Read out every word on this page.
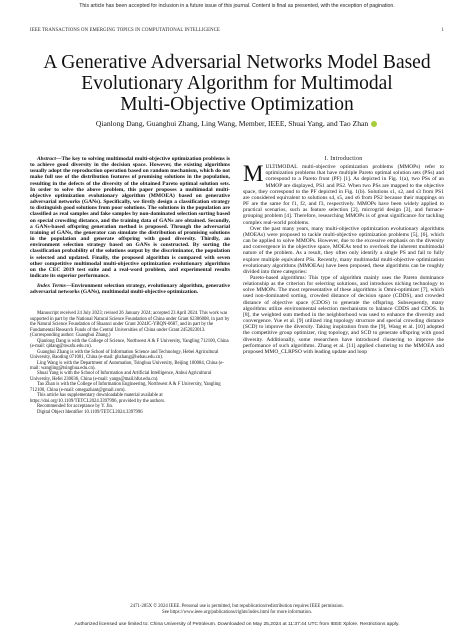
This article has been accepted for inclusion in a future issue of this journal. Content is final as presented, with the exception of pagination.
IEEE TRANSACTIONS ON EMERGING TOPICS IN COMPUTATIONAL INTELLIGENCE	1
A Generative Adversarial Networks Model Based
Evolutionary Algorithm for Multimodal
Multi-Objective Optimization
Qianlong Dang, Guanghui Zhang, Ling Wang, Member, IEEE, Shuai Yang, and Tao Zhan
Abstract—The key to solving multimodal multi-objective optimization problems is to achieve good diversity in the decision space. However, the existing algorithms usually adopt the reproduction operation based on random mechanism, which do not make full use of the distribution features of promising solutions in the population, resulting in the defects of the diversity of the obtained Pareto optimal solution sets. In order to solve the above problem, this paper proposes a multimodal multi-objective optimization evolutionary algorithm (MMOEA) based on generative adversarial networks (GANs). Specifically, we firstly design a classification strategy to distinguish good solutions from poor solutions. The solutions in the population are classified as real samples and fake samples by non-dominated selection sorting based on special crowding distance, and the training data of GANs are obtained. Secondly, a GANs-based offspring generation method is proposed. Through the adversarial training of GANs, the generator can simulate the distribution of promising solutions in the population and generate offspring with good diversity. Thirdly, an environment selection strategy based on GANs is constructed. By sorting the classification probability of the solutions output by the discriminator, the population is selected and updated. Finally, the proposed algorithm is compared with seven other competitive multimodal multi-objective optimization evolutionary algorithms on the CEC 2019 test suite and a real-word problem, and experimental results indicate its superior performance.
Index Terms—Environment selection strategy, evolutionary algorithm, generative adversarial networks (GANs), multimodal multi-objective optimization.

Manuscript received 24 July 2023; revised 26 January 2024; accepted 23 April 2024. This work was supported in part by the National Natural Science Foundation of China under Grant 62306008, in part by the Natural Science Foundation of Shaanxi under Grant 2024JC-YBQN-0687, and in part by the Fundamental Research Funds of the Central Universities of China under Grant 2452023013. (Corresponding author: Guanghui Zhang.)

Qianlong Dang is with the College of Science, Northwest A & F University, Yangling 712100, China (e-mail: qldang@nwafu.edu.cn).

Guanghui Zhang is with the School of Information Science and Technology, Hebei Agricultural University, Baoding 071001, China (e-mail: ghzhang@hebau.edu.cn).

Ling Wang is with the Department of Automation, Tsinghua University, Beijing 100084, China (e-mail: wangling@tsinghua.edu.cn).

Shuai Yang is with the School of Information and Artificial Intelligence, Anhui Agricultural University, Hefei 230036, China (e-mail: yangs@mail.hfut.edu.cn).

Tao Zhan is with the College of Information Engineering, Northwest A & F University, Yangling 712100, China (e-mail: omegazhant@gmail.com).

This article has supplementary downloadable material available at https://doi.org/10.1109/TETCI.2024.3397996, provided by the authors.

Recommended for acceptance by Y. Jin.

Digital Object Identifier 10.1109/TETCI.2024.3397996

I. Introduction

MULTIMODAL multi-objective optimization problems (MMOPs) refer to optimization problems that have multiple Pareto optimal solution sets (PSs) and correspond to a Pareto front (PF) [1]. As depicted in Fig. 1(a), two PSs of an MMOP are displayed, PS1 and PS2. When two PSs are mapped to the objective space, they correspond to the PF depicted in Fig. 1(b). Solutions s1, s2, and s3 from PS1 are considered equivalent to solutions s4, s5, and s6 from PS2 because their mappings on PF are the same for f1, f2, and f3, respectively. MMOPs have been widely applied to practical scenarios, such as feature selection [2], microgrid design [3], and furnace-grouping problem [4]. Therefore, researching MMOPs is of great significance for tackling complex real-world problems.

Over the past many years, many multi-objective optimization evolutionary algorithms (MOEAs) were proposed to tackle multi-objective optimization problems [5], [6], which can be applied to solve MMOPs. However, due to the excessive emphasis on the diversity and convergence in the objective space, MOEAs tend to overlook the inherent multimodal nature of the problem. As a result, they often only identify a single PS and fail to fully explore multiple equivalent PSs. Recently, many multimodal multi-objective optimization evolutionary algorithms (MMOEAs) have been proposed, these algorithms can be roughly divided into three categories:

Pareto-based algorithms: This type of algorithm mainly uses the Pareto dominance relationship as the criterion for selecting solutions, and introduces niching technology to solve MMOPs. The most representative of these algorithms is Omni-optimizer [7], which used non-dominated sorting, crowded distance of decision space (CDDS), and crowded distance of objective space (CDOS) to generate the offspring. Subsequently, many algorithms utilize environmental selection mechanisms to balance CDDS and CDOS. In [8], the weighted sum method in the neighborhood was used to enhance the diversity and convergence. Yue et al. [9] utilized ring topology structure and special crowding distance (SCD) to improve the diversity. Taking inspiration from the [9], Wang et al. [10] adopted the competitive group optimizer, ring topology, and SCD to generate offspring with good diversity. Additionally, some researchers have introduced clustering to improve the performance of such algorithms. Zhang et al. [11] applied clustering to the MMOEA and proposed MMO_CLRPSO with leading update and loop

2471-285X © 2024 IEEE. Personal use is permitted, but republication/redistribution requires IEEE permission.
See https://www.ieee.org/publications/rights/index.html for more information.
Authorized licensed use limited to: China University of Petroleum. Downloaded on May 25,2024 at 11:37:44 UTC from IEEE Xplore. Restrictions apply.
